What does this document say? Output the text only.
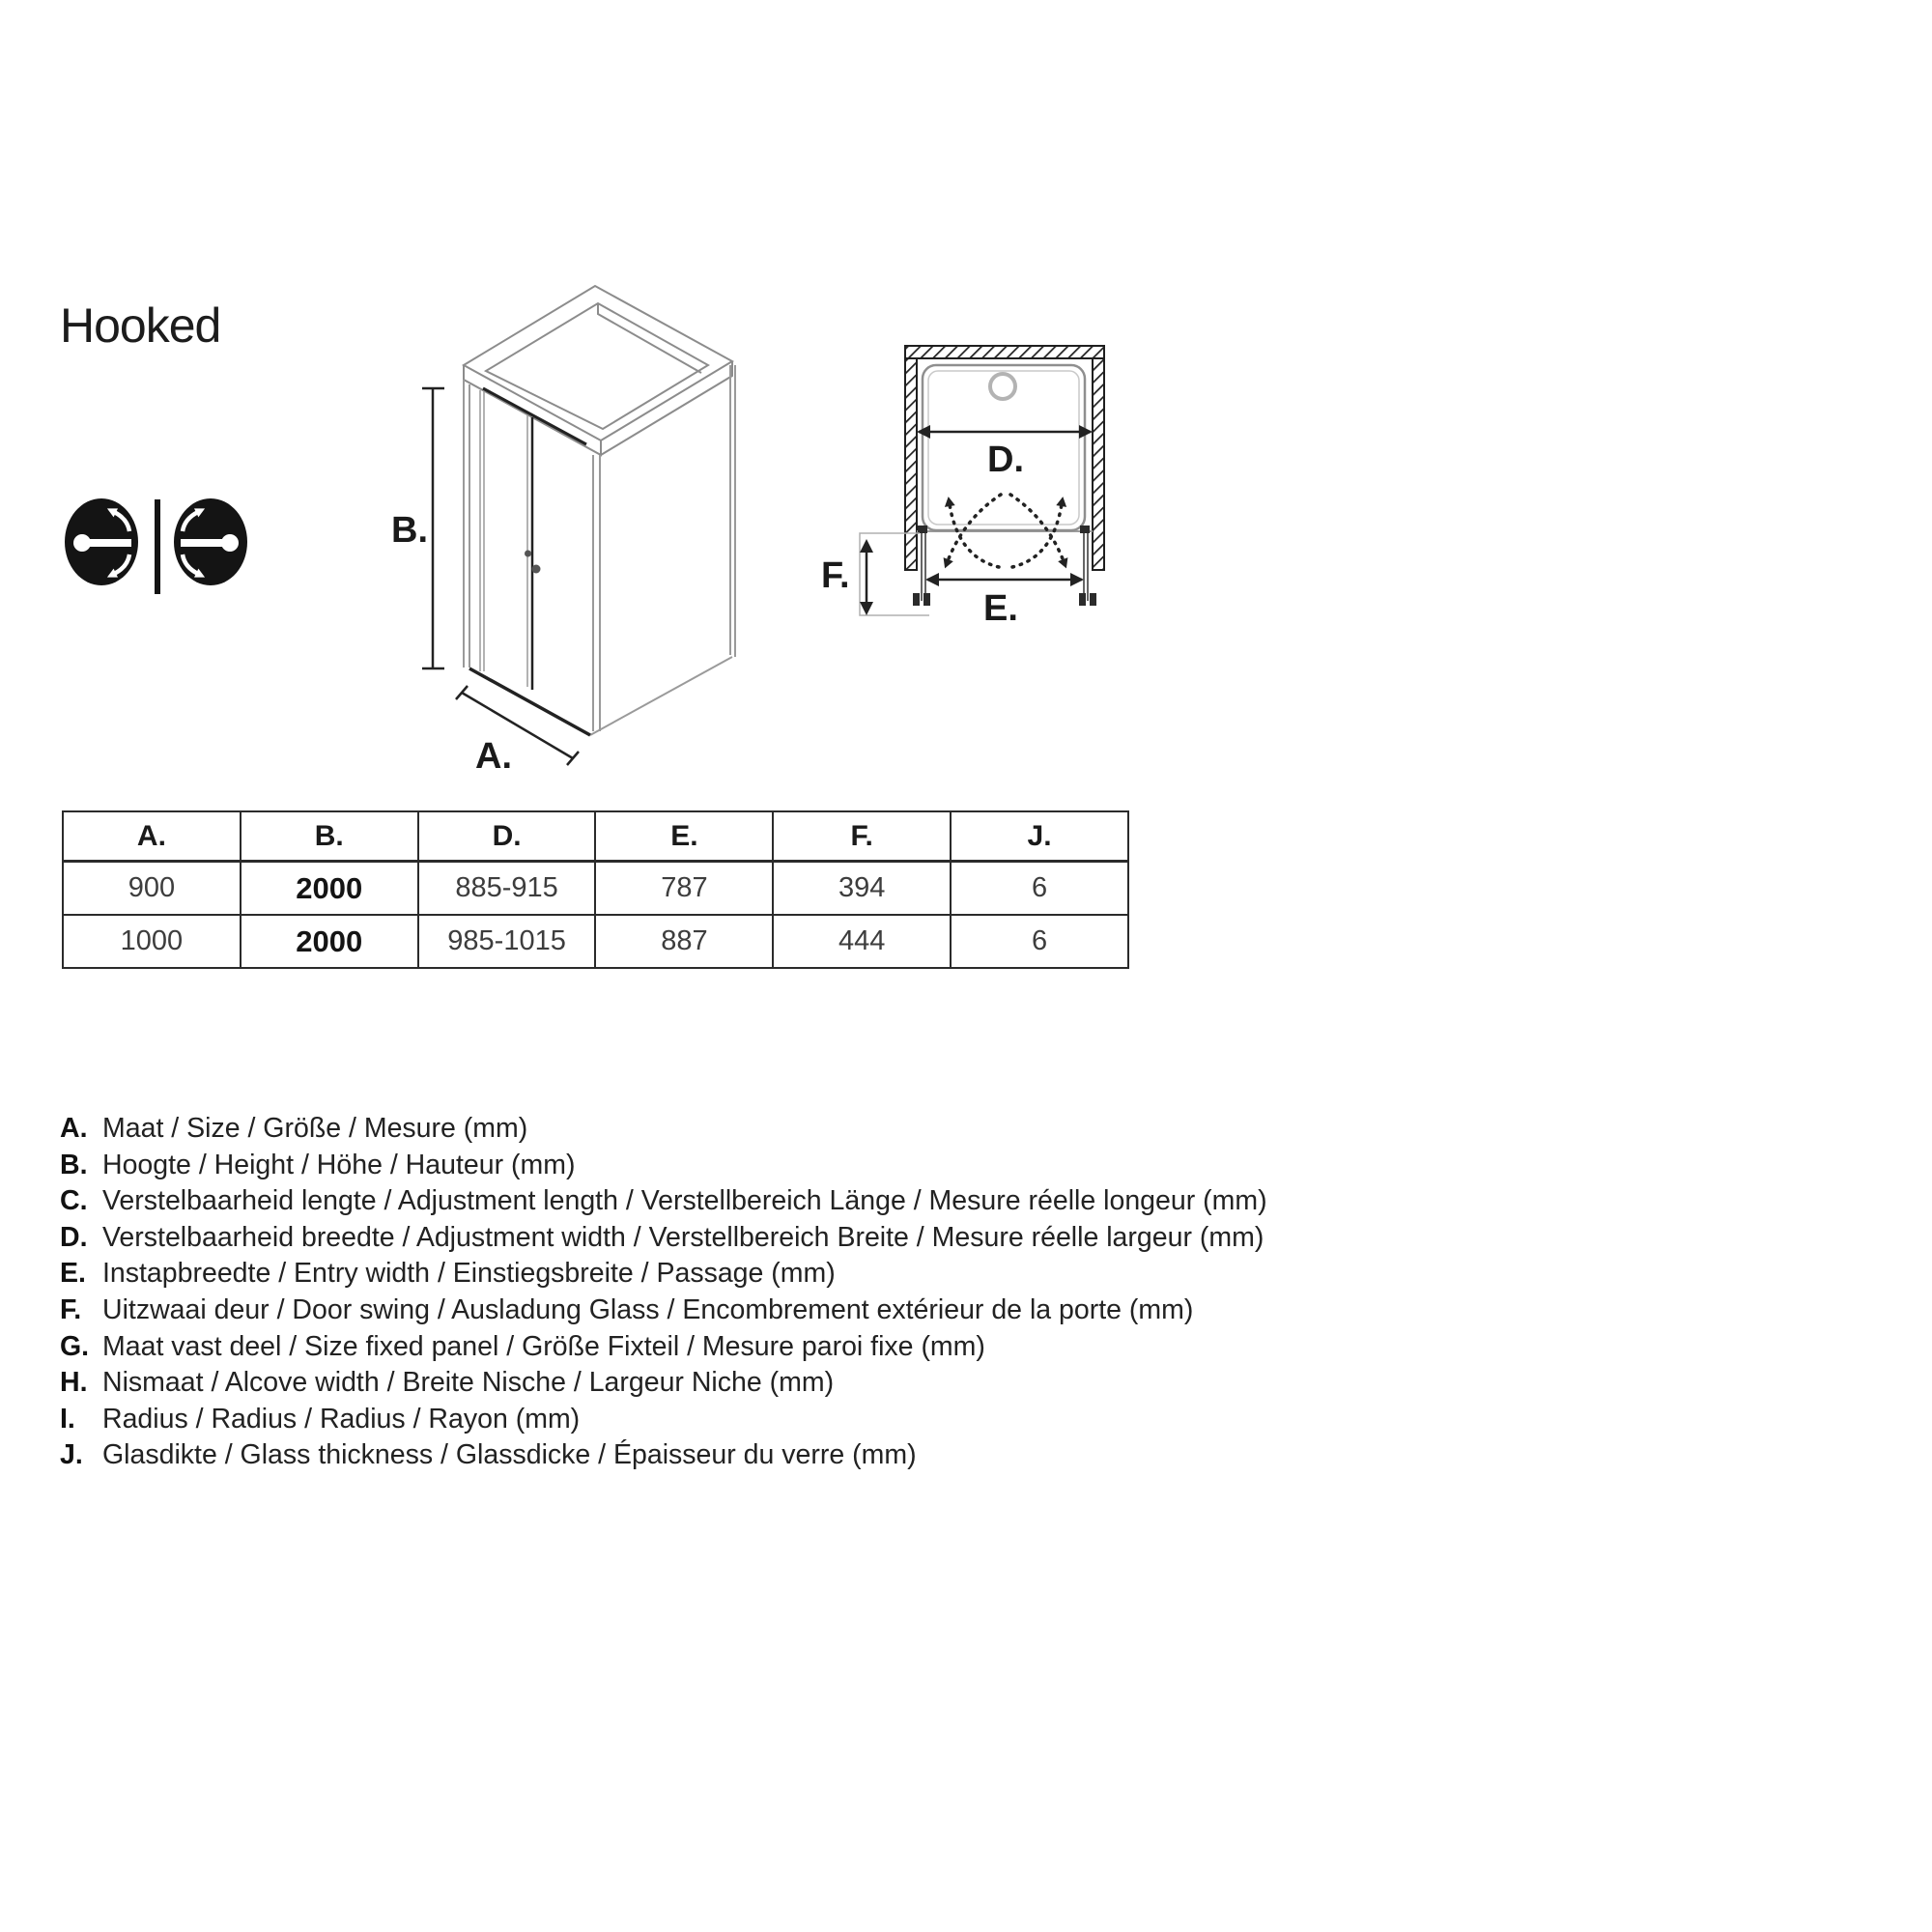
Hooked
B.
A.
D.
E.
F.
A.	B.	D.	E.	F.	J.
900	2000	885-915	787	394	6
1000	2000	985-1015	887	444	6
A. Maat / Size / Größe / Mesure (mm)
B. Hoogte / Height / Höhe / Hauteur (mm)
C. Verstelbaarheid lengte / Adjustment length / Verstellbereich Länge / Mesure réelle longeur (mm)
D. Verstelbaarheid breedte / Adjustment width / Verstellbereich Breite / Mesure réelle largeur (mm)
E. Instapbreedte / Entry width / Einstiegsbreite / Passage (mm)
F. Uitzwaai deur / Door swing / Ausladung Glass / Encombrement extérieur de la porte (mm)
G. Maat vast deel / Size fixed panel / Größe Fixteil / Mesure paroi fixe (mm)
H. Nismaat / Alcove width / Breite Nische / Largeur Niche (mm)
I. Radius / Radius / Radius / Rayon (mm)
J. Glasdikte / Glass thickness / Glassdicke / Épaisseur du verre (mm)
